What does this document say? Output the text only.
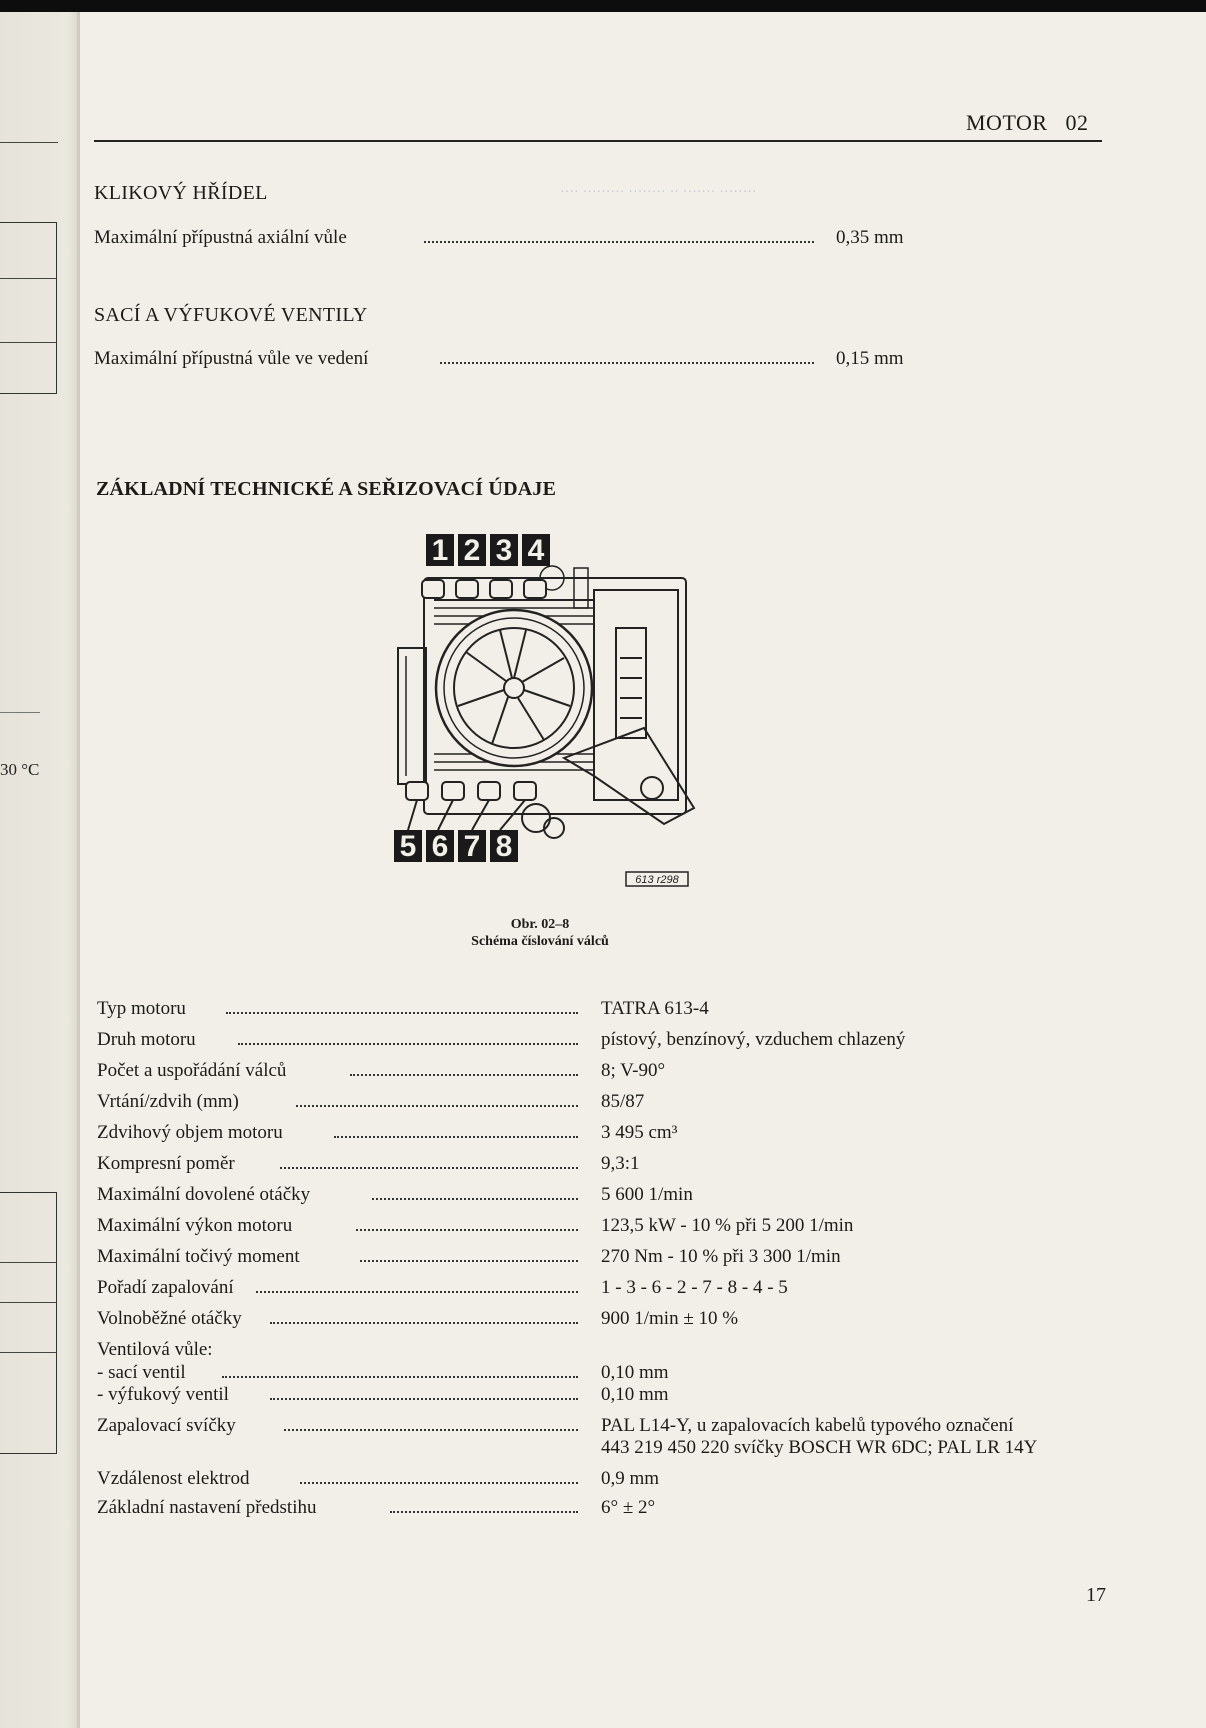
30 °C
MOTOR   02
···· ········· ········ ·· ······· ········
KLIKOVÝ HŘÍDEL
Maximální přípustná axiální vůle	0,35 mm
SACÍ A VÝFUKOVÉ VENTILY
Maximální přípustná vůle ve vedení	0,15 mm
ZÁKLADNÍ TECHNICKÉ A SEŘIZOVACÍ ÚDAJE
1 2 3 4
5 6 7 8
613 r298
Obr. 02–8
Schéma číslování válců
Typ motoru	TATRA 613-4
Druh motoru	pístový, benzínový, vzduchem chlazený
Počet a uspořádání válců	8; V-90°
Vrtání/zdvih (mm)	85/87
Zdvihový objem motoru	3 495 cm³
Kompresní poměr	9,3:1
Maximální dovolené otáčky	5 600 1/min
Maximální výkon motoru	123,5 kW - 10 % při 5 200 1/min
Maximální točivý moment	270 Nm - 10 % při 3 300 1/min
Pořadí zapalování	1 - 3 - 6 - 2 - 7 - 8 - 4 - 5
Volnoběžné otáčky	900 1/min ± 10 %
Ventilová vůle:
- sací ventil	0,10 mm
- výfukový ventil	0,10 mm
Zapalovací svíčky	PAL L14-Y, u zapalovacích kabelů typového označení
443 219 450 220 svíčky BOSCH WR 6DC; PAL LR 14Y
Vzdálenost elektrod	0,9 mm
Základní nastavení předstihu	6° ± 2°
17
